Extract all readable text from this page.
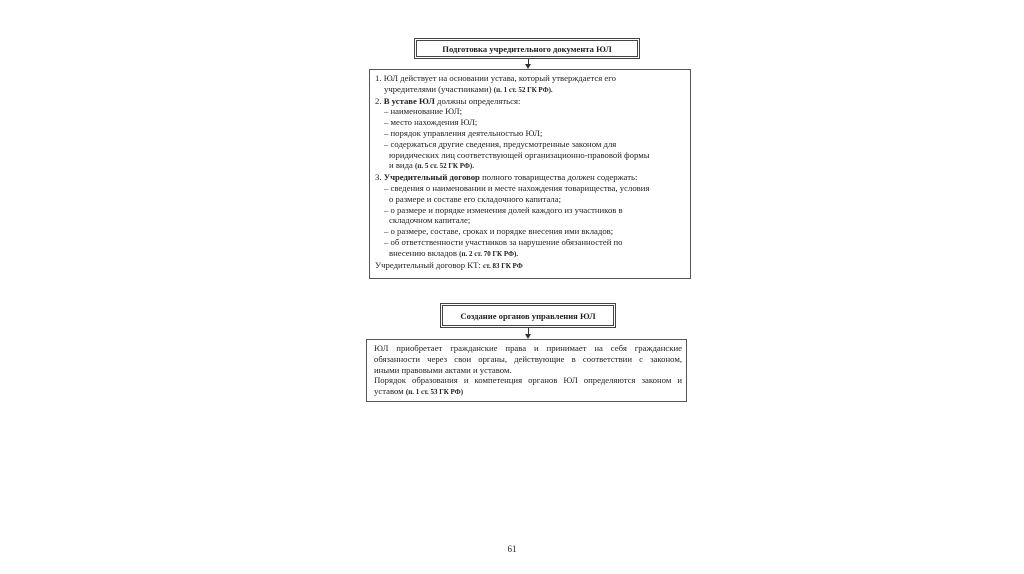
Подготовка учредительного документа ЮЛ
1. ЮЛ действует на основании устава, который утверждается его
учредителями (участниками) (п. 1 ст. 52 ГК РФ).
2. В уставе ЮЛ должны определяться:
– наименование ЮЛ;
– место нахождения ЮЛ;
– порядок управления деятельностью ЮЛ;
– содержаться другие сведения, предусмотренные законом для
юридических лиц соответствующей организационно-правовой формы
и вида (п. 5 ст. 52 ГК РФ).
3. Учредительный договор полного товарищества должен содержать:
– сведения о наименовании и месте нахождения товарищества, условия
о размере и составе его складочного капитала;
– о размере и порядке изменения долей каждого из участников в
складочном капитале;
– о размере, составе, сроках и порядке внесения ими вкладов;
– об ответственности участников за нарушение обязанностей по
внесению вкладов (п. 2 ст. 70 ГК РФ).
Учредительный договор КТ: ст. 83 ГК РФ
Создание органов управления ЮЛ
ЮЛ приобретает гражданские права и принимает на себя гражданские
обязанности через свои органы, действующие в соответствии с законом,
иными правовыми актами и уставом.
Порядок образования и компетенция органов ЮЛ определяются законом и
уставом (п. 1 ст. 53 ГК РФ)
61
